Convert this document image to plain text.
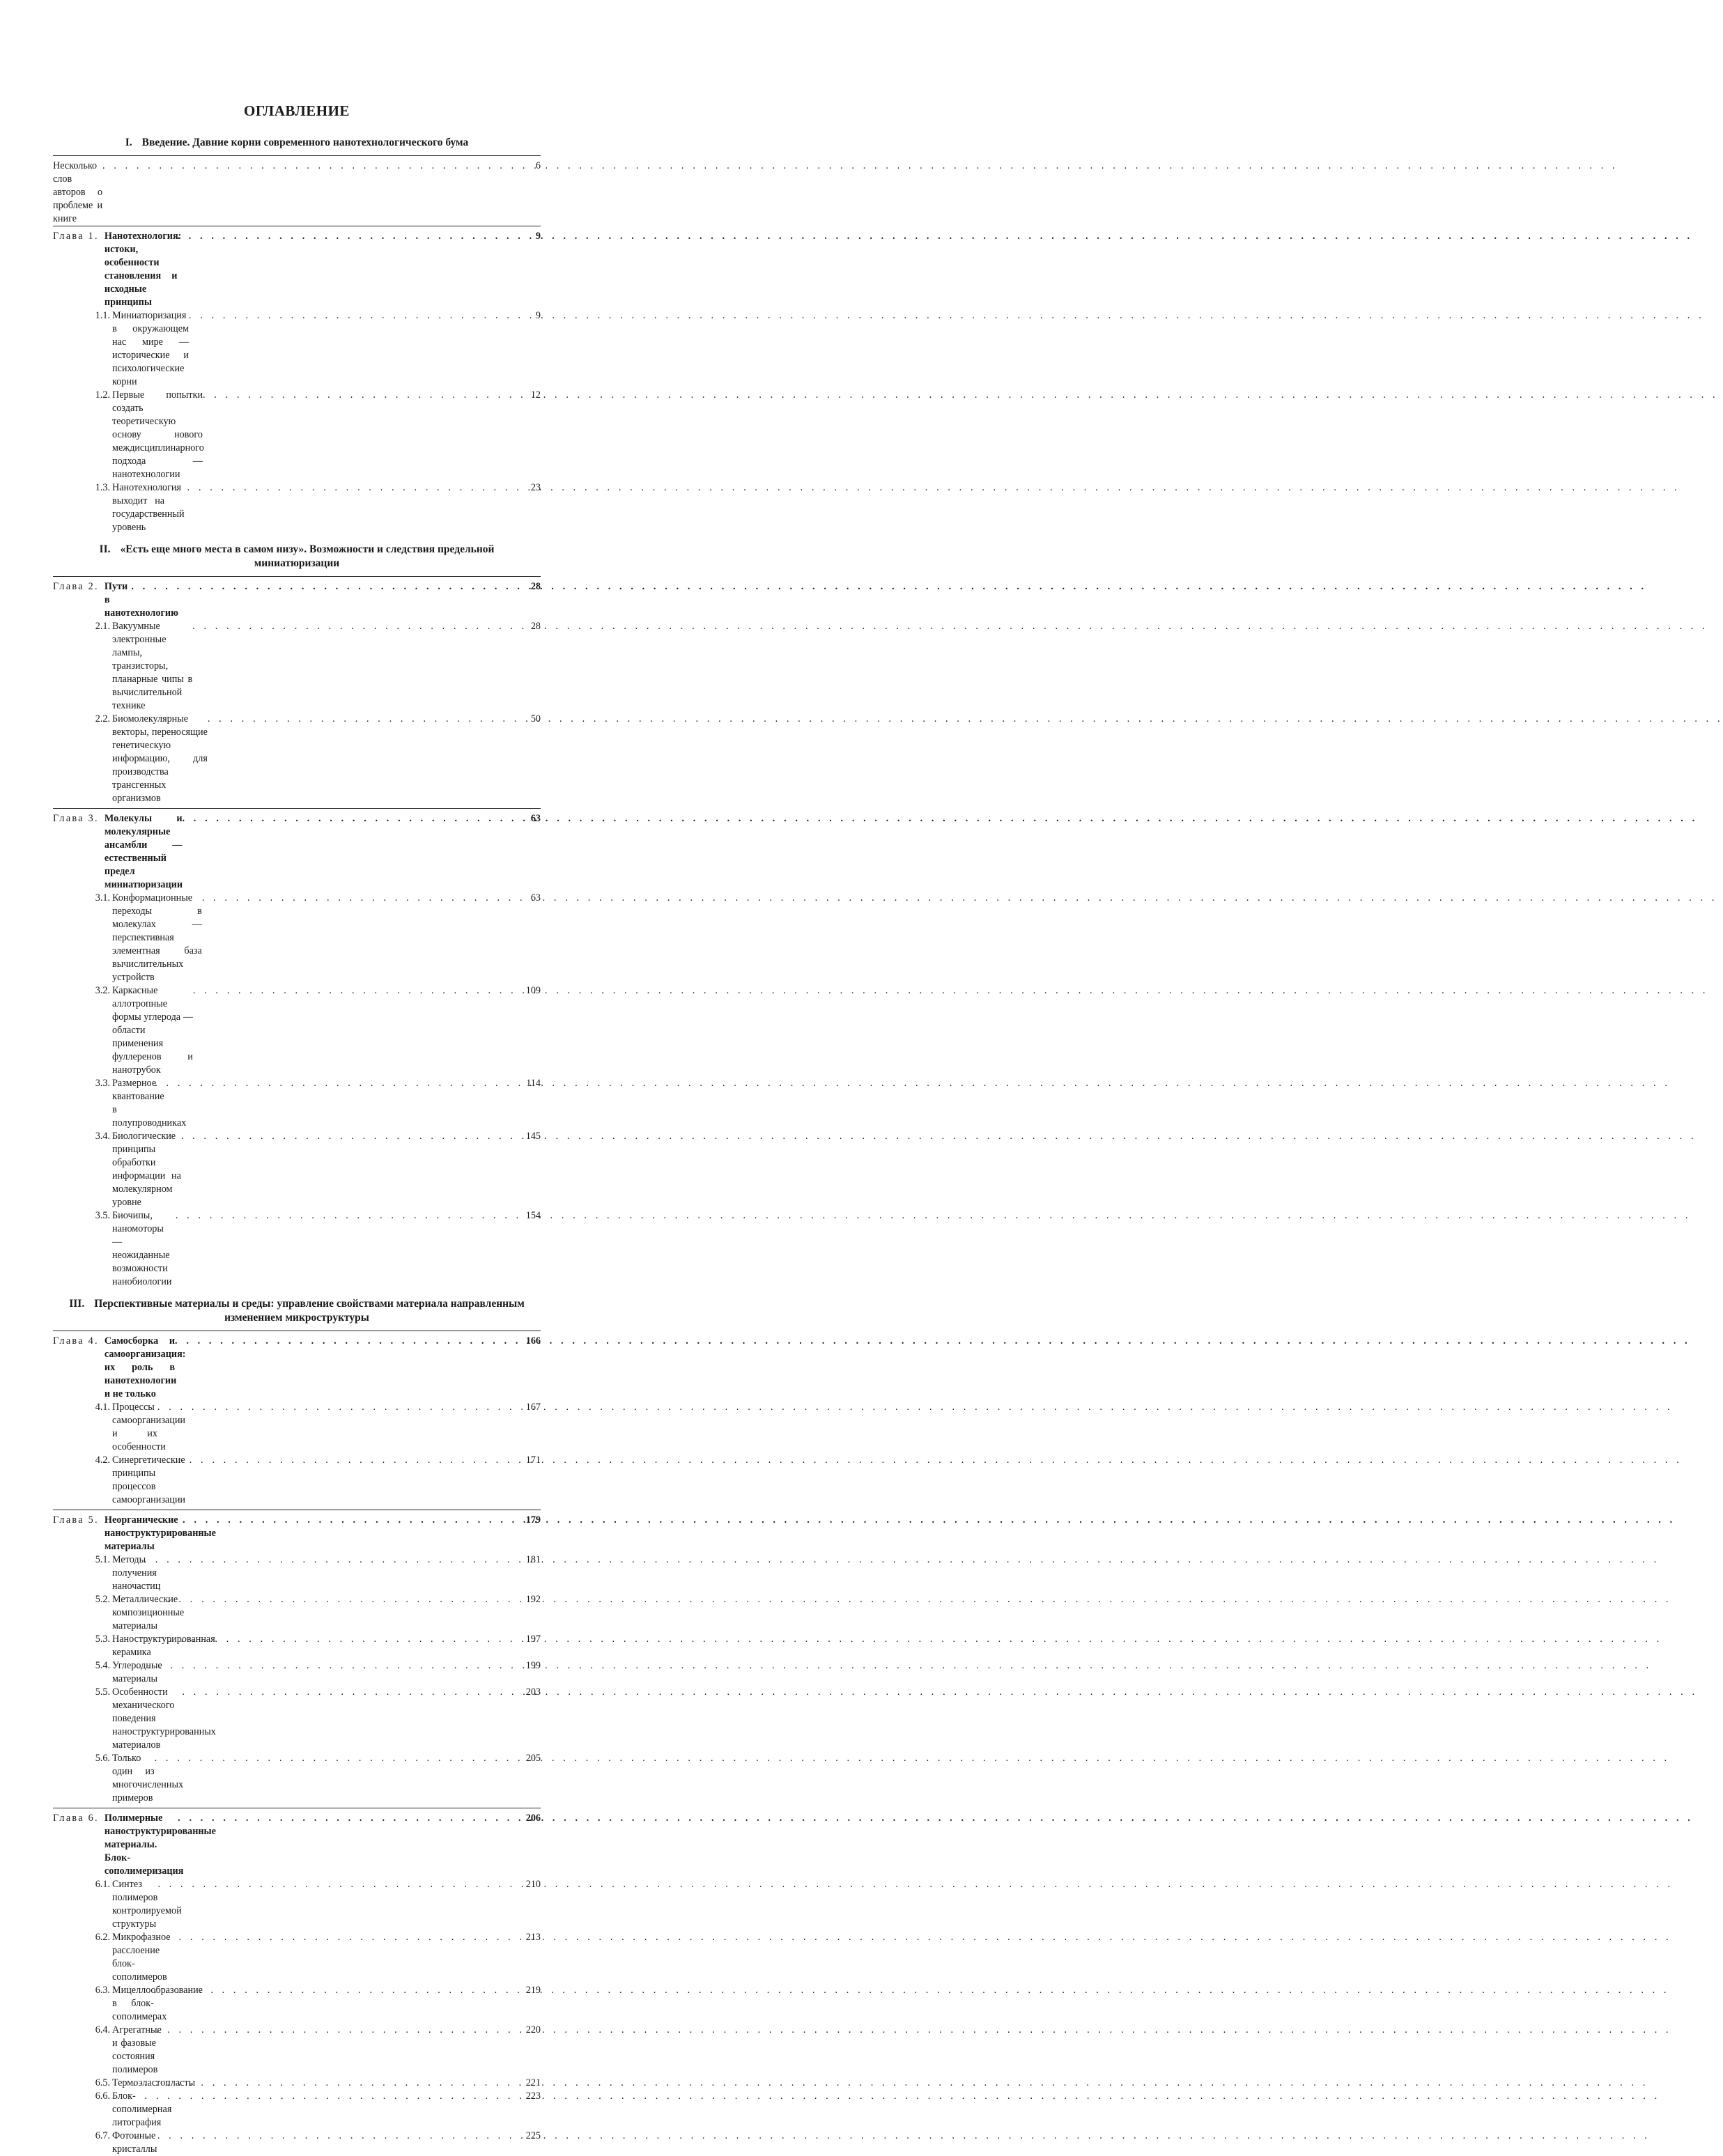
ОГЛАВЛЕНИЕ
I. Введение. Давние корни современного нанотехнологического бума
Несколько слов авторов о проблеме и книге
. . .
6
Глава 1. Нанотехнология: истоки, особенности становления и исходные принципы
. . .
9
1.1. Миниатюризация в окружающем нас мире — исторические и психологические корни
. . .
9
1.2. Первые попытки создать теоретическую основу нового междисциплинарного подхода — нанотехнологии
. . .
12
1.3. Нанотехнология выходит на государственный уровень
. . .
23
II. «Есть еще много места в самом низу». Возможности и следствия предельной миниатюризации
Глава 2. Пути в нанотехнологию
. . .
28
2.1. Вакуумные электронные лампы, транзисторы, планарные чипы в вычислительной технике
. . .
28
2.2. Биомолекулярные векторы, переносящие генетическую информацию, для производства трансгенных организмов
. . .
50
Глава 3. Молекулы и молекулярные ансамбли — естественный предел миниатюризации
. . .
63
3.1. Конформационные переходы в молекулах — перспективная элементная база вычислительных устройств
. . .
63
3.2. Каркасные аллотропные формы углерода — области применения фуллеренов и нанотрубок
. . .
109
3.3. Размерное квантование в полупроводниках
. . .
114
3.4. Биологические принципы обработки информации на молекулярном уровне
. . .
145
3.5. Биочипы, наномоторы — неожиданные возможности нанобиологии
. . .
154
III. Перспективные материалы и среды: управление свойствами материала направленным изменением микроструктуры
Глава 4. Самосборка и самоорганизация: их роль в нанотехнологии и не только
. . .
166
4.1. Процессы самоорганизации и их особенности
. . .
167
4.2. Синергетические принципы процессов самоорганизации
. . .
171
Глава 5. Неорганические наноструктурированные материалы
. . .
179
5.1. Методы получения наночастиц
. . .
181
5.2. Металлические композиционные материалы
. . .
192
5.3. Наноструктурированная керамика
. . .
197
5.4. Углеродные материалы
. . .
199
5.5. Особенности механического поведения наноструктурированных материалов
. . .
203
5.6. Только один из многочисленных примеров
. . .
205
Глава 6. Полимерные наноструктурированные материалы. Блок-сополимеризация
. . .
206
6.1. Синтез полимеров контролируемой структуры
. . .
210
6.2. Микрофазное расслоение блок-сополимеров
. . .
213
6.3. Мицеллообразование в блок-сополимерах
. . .
219
6.4. Агрегатные и фазовые состояния полимеров
. . .
220
6.5. Термоэластопласты
. . .	221
6.6. Блок-сополимерная литография
. . .
223
6.7. Фотонные кристаллы
. . .
225
